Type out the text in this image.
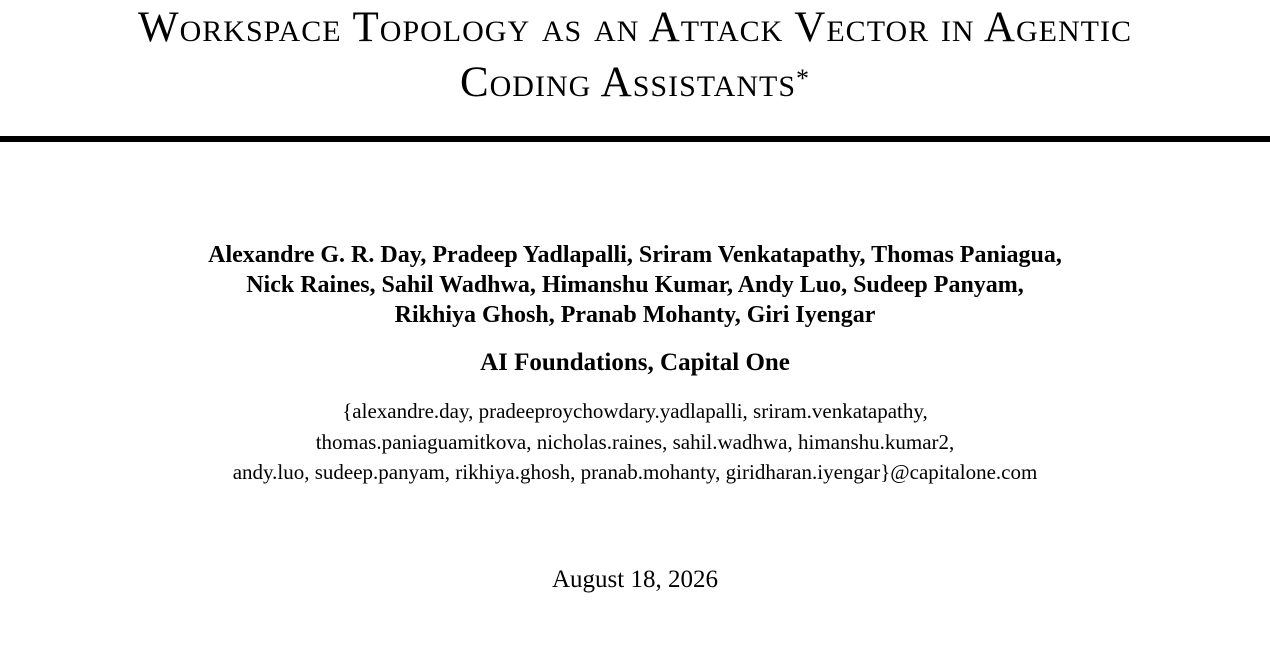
Workspace Topology as an Attack Vector in Agentic
Coding Assistants*
Alexandre G. R. Day, Pradeep Yadlapalli, Sriram Venkatapathy, Thomas Paniagua,
Nick Raines, Sahil Wadhwa, Himanshu Kumar, Andy Luo, Sudeep Panyam,
Rikhiya Ghosh, Pranab Mohanty, Giri Iyengar
AI Foundations, Capital One
{alexandre.day, pradeeproychowdary.yadlapalli, sriram.venkatapathy,
thomas.paniaguamitkova, nicholas.raines, sahil.wadhwa, himanshu.kumar2,
andy.luo, sudeep.panyam, rikhiya.ghosh, pranab.mohanty, giridharan.iyengar}@capitalone.com
August 18, 2026
